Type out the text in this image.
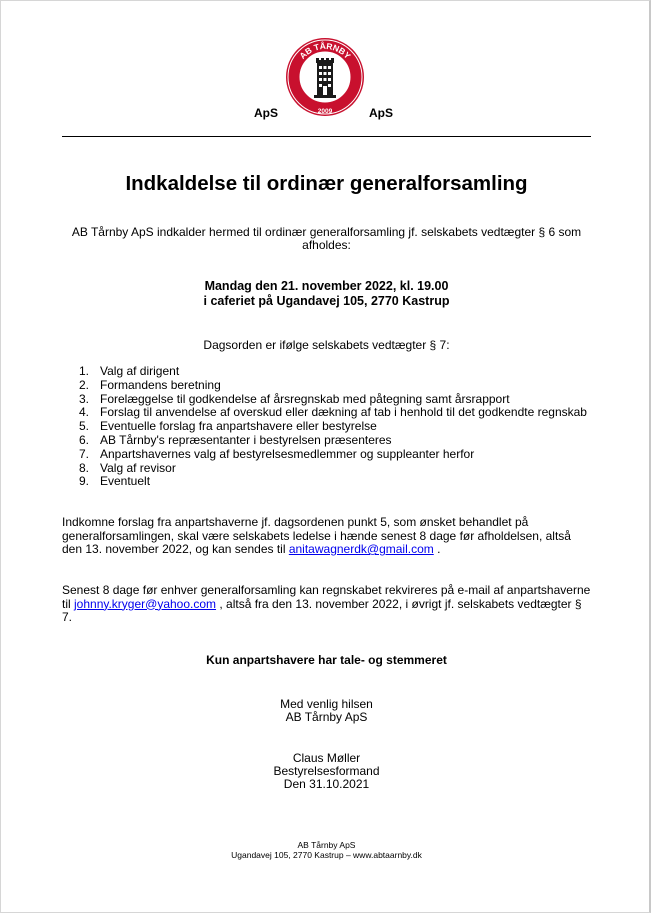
AB TÅRNBY
2009
ApS	ApS
Indkaldelse til ordinær generalforsamling
AB Tårnby ApS indkalder hermed til ordinær generalforsamling jf. selskabets vedtægter § 6 som afholdes:
Mandag den 21. november 2022, kl. 19.00
i caferiet på Ugandavej 105, 2770 Kastrup
Dagsorden er ifølge selskabets vedtægter § 7:
1. Valg af dirigent
2. Formandens beretning
3. Forelæggelse til godkendelse af årsregnskab med påtegning samt årsrapport
4. Forslag til anvendelse af overskud eller dækning af tab i henhold til det godkendte regnskab
5. Eventuelle forslag fra anpartshavere eller bestyrelse
6. AB Tårnby's repræsentanter i bestyrelsen præsenteres
7. Anpartshavernes valg af bestyrelsesmedlemmer og suppleanter herfor
8. Valg af revisor
9. Eventuelt
Indkomne forslag fra anpartshaverne jf. dagsordenen punkt 5, som ønsket behandlet på generalforsamlingen, skal være selskabets ledelse i hænde senest 8 dage før afholdelsen, altså den 13. november 2022, og kan sendes til anitawagnerdk@gmail.com .
Senest 8 dage før enhver generalforsamling kan regnskabet rekvireres på e-mail af anpartshaverne til johnny.kryger@yahoo.com , altså fra den 13. november 2022, i øvrigt jf. selskabets vedtægter § 7.
Kun anpartshavere har tale- og stemmeret
Med venlig hilsen
AB Tårnby ApS
Claus Møller
Bestyrelsesformand
Den 31.10.2021
AB Tårnby ApS
Ugandavej 105, 2770 Kastrup – www.abtaarnby.dk
